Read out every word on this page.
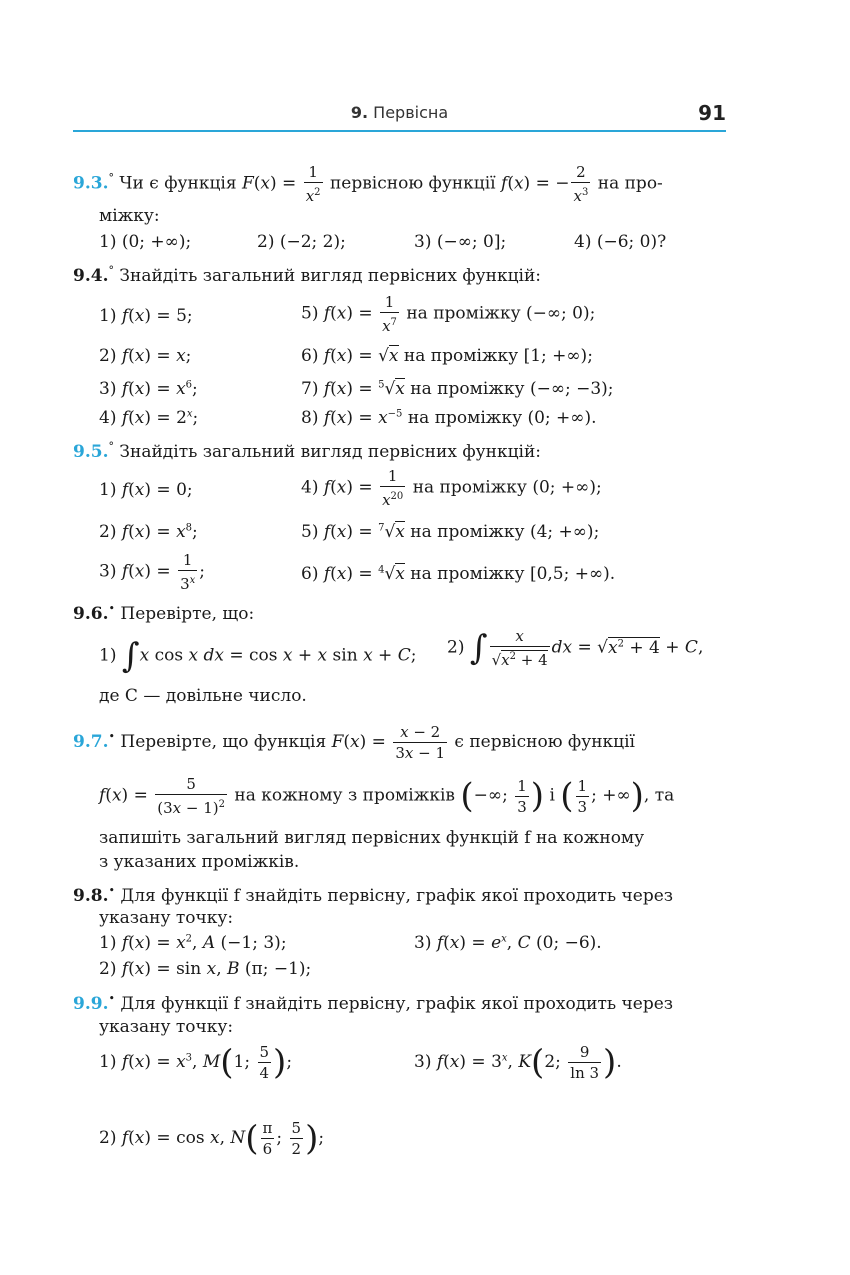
9. Первісна	91
9.3.° Чи є функція $F(x) = \frac{1}{x^2}$ первісною функції f(x) = − $\frac{2}{x^3}$ на про-
міжку:
1) (0; +∞);	2) (−2; 2);	3) (−∞; 0];	4) (−6; 0)?
9.4.° Знайдіть загальний вигляд первісних функцій:
1) f(x) = 5;	5) $f(x) = \frac{1}{x^7}$ на проміжку (−∞; 0);
2) f(x) = x;	6) f(x) = √x на проміжку [1; +∞);
3) $f(x) = x^6$;	7) f(x) = $^5$√x на проміжку (−∞; −3);
4) $f(x) = 2^x$;	8) $f(x) = x^{-5}$ на проміжку (0; +∞).
9.5.° Знайдіть загальний вигляд первісних функцій:
1) f(x) = 0;	4) $f(x) = \frac{1}{x^{20}}$ на проміжку (0; +∞);
2) $f(x) = x^8$;	5) f(x) = $^7$√x на проміжку (4; +∞);
3) $f(x) = \frac{1}{3^x}$ ;	6) f(x) = $^4$√x на проміжку [0,5; +∞).
9.6.• Перевірте, що:
1) ∫x cos x dx = cos x + x sin x + C; 2) ∫ $\frac{x}{√x^2 + 4}$ dx = $√x^2 + 4 + C$,
де C — довільне число.
9.7.• Перевірте, що функція $F(x) = \frac{x - 2}{3x - 1}$ є первісною функції
$f(x) = \frac{5}{(3x - 1)^2}$ на кожному з проміжків (−∞; $\frac{1}{3}$ ) і ( $\frac{1}{3}$ ; +∞), та
запишіть загальний вигляд первісних функцій f на кожному
з указаних проміжків.
9.8.• Для функції f знайдіть первісну, графік якої проходить через
указану точку:
1) $f(x) = x^2$, A (−1; 3);	3) $f(x) = e^x$, C (0; −6).
2) f(x) = sin x, B (π; −1);
9.9.• Для функції f знайдіть первісну, графік якої проходить через
указану точку:
1) $f(x) = x^3$, M(1; $\frac{5}{4}$ );	3) $f(x) = 3^x$, K(2; $\frac{9}{\ln 3}$ ).
2) f(x) = cos x, $N( \frac{\pi}{6}$ ; $\frac{5}{2}$ );
